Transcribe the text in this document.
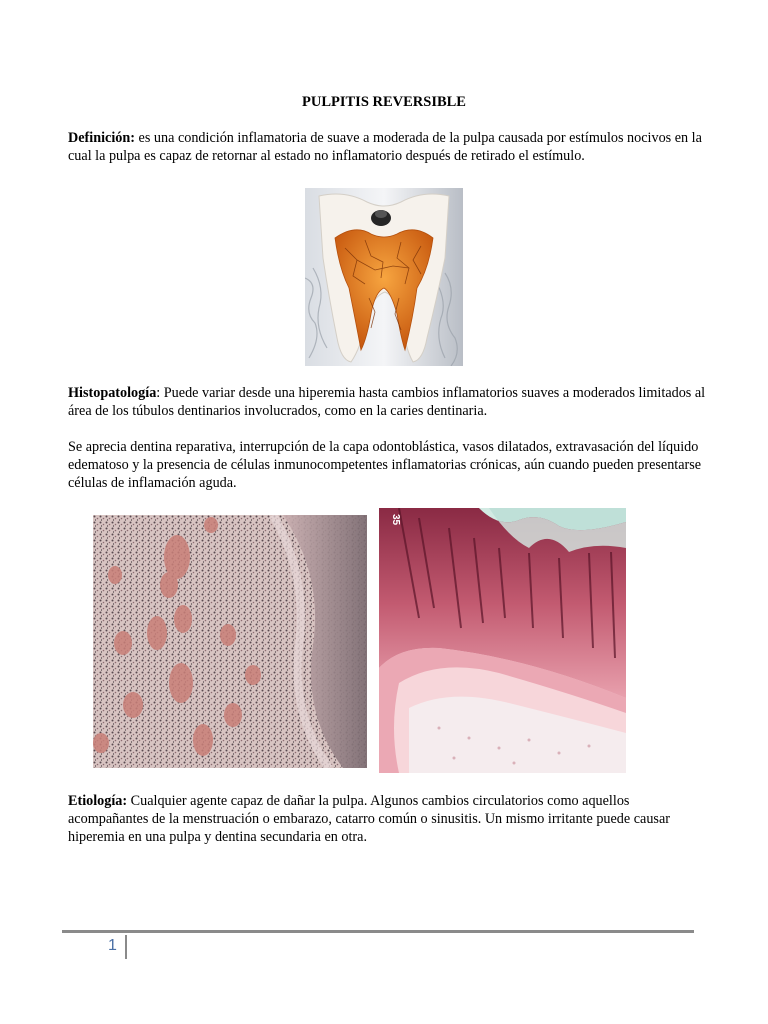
PULPITIS REVERSIBLE
Definición: es una condición inflamatoria de suave a moderada de la pulpa causada por estímulos nocivos en la cual la pulpa es capaz de retornar al estado no inflamatorio después de retirado el estímulo.
Histopatología: Puede variar desde una hiperemia hasta cambios inflamatorios suaves a moderados limitados al área de los túbulos dentinarios involucrados, como en la caries dentinaria.
Se aprecia dentina reparativa, interrupción de la capa odontoblástica, vasos dilatados, extravasación del líquido edematoso y la presencia de células inmunocompetentes inflamatorias crónicas, aún cuando pueden presentarse células de inflamación aguda.
35
Etiología: Cualquier agente capaz de dañar la pulpa. Algunos cambios circulatorios como aquellos acompañantes de la menstruación o embarazo, catarro común o sinusitis. Un mismo irritante puede causar hiperemia en una pulpa y dentina secundaria en otra.
1
